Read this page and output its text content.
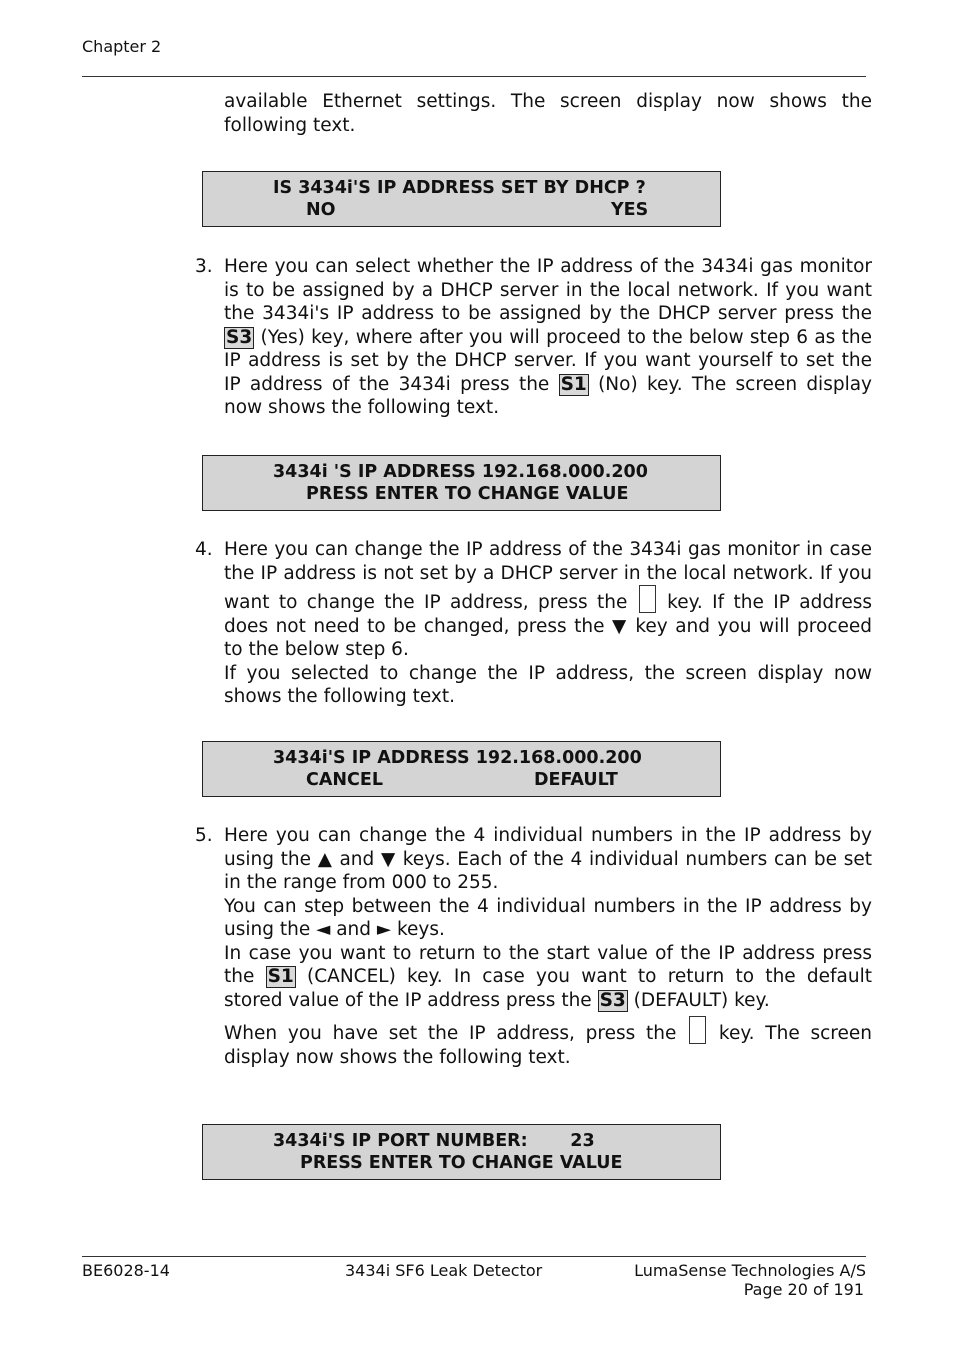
Chapter 2

available Ethernet settings. The screen display now shows the following text.

IS 3434i'S IP ADDRESS SET BY DHCP ?
NO	YES
3. Here you can select whether the IP address of the 3434i gas monitor is to be assigned by a DHCP server in the local network. If you want the 3434i's IP address to be assigned by the DHCP server press the S3 (Yes) key, where after you will proceed to the below step 6 as the IP address is set by the DHCP server. If you want yourself to set the IP address of the 3434i press the S1 (No) key. The screen display now shows the following text.

3434i 'S IP ADDRESS 192.168.000.200
PRESS ENTER TO CHANGE VALUE
4. Here you can change the IP address of the 3434i gas monitor in case the IP address is not set by a DHCP server in the local network. If you want to change the IP address, press the  key. If the IP address does not need to be changed, press the ▼ key and you will proceed to the below step 6.

If you selected to change the IP address, the screen display now shows the following text.

3434i'S IP ADDRESS 192.168.000.200
CANCEL	DEFAULT
5. Here you can change the 4 individual numbers in the IP address by using the ▲ and ▼ keys. Each of the 4 individual numbers can be set in the range from 000 to 255.

You can step between the 4 individual numbers in the IP address by using the ◄ and ► keys.

In case you want to return to the start value of the IP address press the S1 (CANCEL) key. In case you want to return to the default stored value of the IP address press the S3 (DEFAULT) key.

When you have set the IP address, press the  key. The screen display now shows the following text.

3434i'S IP PORT NUMBER:       23
PRESS ENTER TO CHANGE VALUE
BE6028-14	3434i SF6 Leak Detector	LumaSense Technologies A/S
Page 20 of 191
